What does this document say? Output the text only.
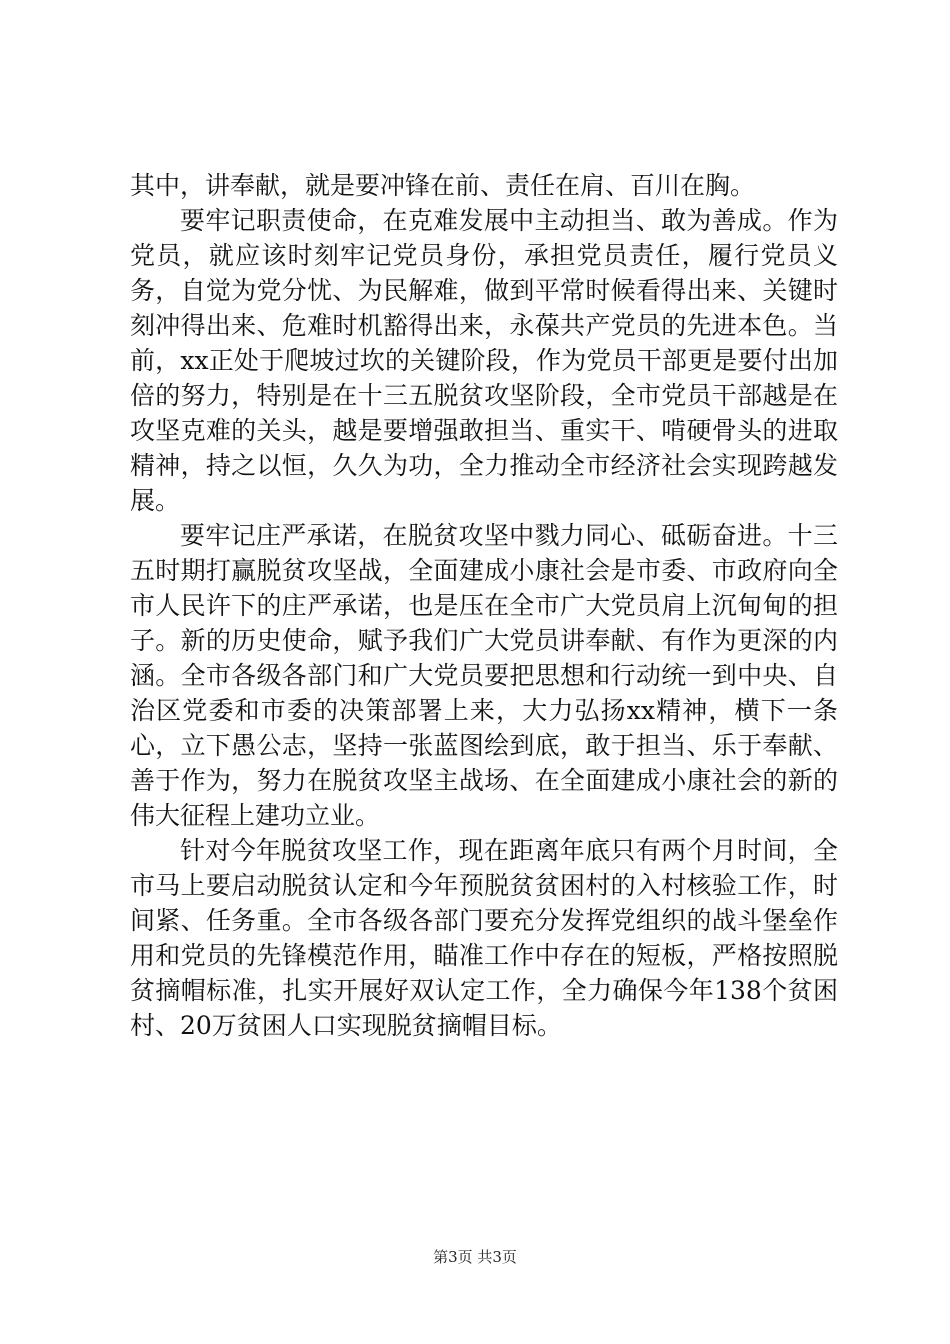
其中，讲奉献，就是要冲锋在前、责任在肩、百川在胸。

要牢记职责使命，在克难发展中主动担当、敢为善成。作为党员，就应该时刻牢记党员身份，承担党员责任，履行党员义务，自觉为党分忧、为民解难，做到平常时候看得出来、关键时刻冲得出来、危难时机豁得出来，永葆共产党员的先进本色。当前，xx正处于爬坡过坎的关键阶段，作为党员干部更是要付出加倍的努力，特别是在十三五脱贫攻坚阶段，全市党员干部越是在攻坚克难的关头，越是要增强敢担当、重实干、啃硬骨头的进取精神，持之以恒，久久为功，全力推动全市经济社会实现跨越发展。

要牢记庄严承诺，在脱贫攻坚中戮力同心、砥砺奋进。十三五时期打赢脱贫攻坚战，全面建成小康社会是市委、市政府向全市人民许下的庄严承诺，也是压在全市广大党员肩上沉甸甸的担子。新的历史使命，赋予我们广大党员讲奉献、有作为更深的内涵。全市各级各部门和广大党员要把思想和行动统一到中央、自治区党委和市委的决策部署上来，大力弘扬xx精神，横下一条心，立下愚公志，坚持一张蓝图绘到底，敢于担当、乐于奉献、善于作为，努力在脱贫攻坚主战场、在全面建成小康社会的新的伟大征程上建功立业。

针对今年脱贫攻坚工作，现在距离年底只有两个月时间，全市马上要启动脱贫认定和今年预脱贫贫困村的入村核验工作，时间紧、任务重。全市各级各部门要充分发挥党组织的战斗堡垒作用和党员的先锋模范作用，瞄准工作中存在的短板，严格按照脱贫摘帽标准，扎实开展好双认定工作，全力确保今年138个贫困村、20万贫困人口实现脱贫摘帽目标。

第3页 共3页
